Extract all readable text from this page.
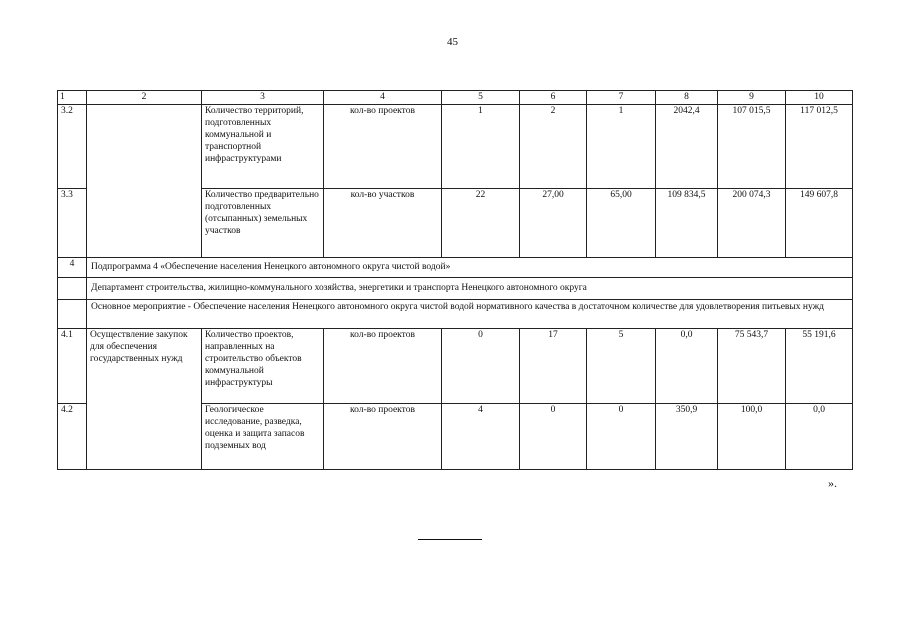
45
1	2	3	4	5	6	7	8	9	10
3.2		Количество территорий, подготовленных коммунальной и транспортной инфраструктурами	кол-во проектов	1	2	1	2042,4	107 015,5	117 012,5
3.3		Количество предварительно подготовленных (отсыпанных) земельных участков	кол-во участков	22	27,00	65,00	109 834,5	200 074,3	149 607,8
4	Подпрограмма 4 «Обеспечение населения Ненецкого автономного округа чистой водой»								
	Департамент строительства, жилищно-коммунального хозяйства, энергетики и транспорта Ненецкого автономного округа								
	Основное мероприятие - Обеспечение населения Ненецкого автономного округа чистой водой нормативного качества в достаточном количестве для удовлетворения питьевых нужд								
4.1	Осуществление закупок для обеспечения государственных нужд	Количество проектов, направленных на строительство объектов коммунальной инфраструктуры	кол-во проектов	0	17	5	0,0	75 543,7	55 191,6
4.2		Геологическое исследование, разведка, оценка и защита запасов подземных вод	кол-во проектов	4	0	0	350,9	100,0	0,0
».
